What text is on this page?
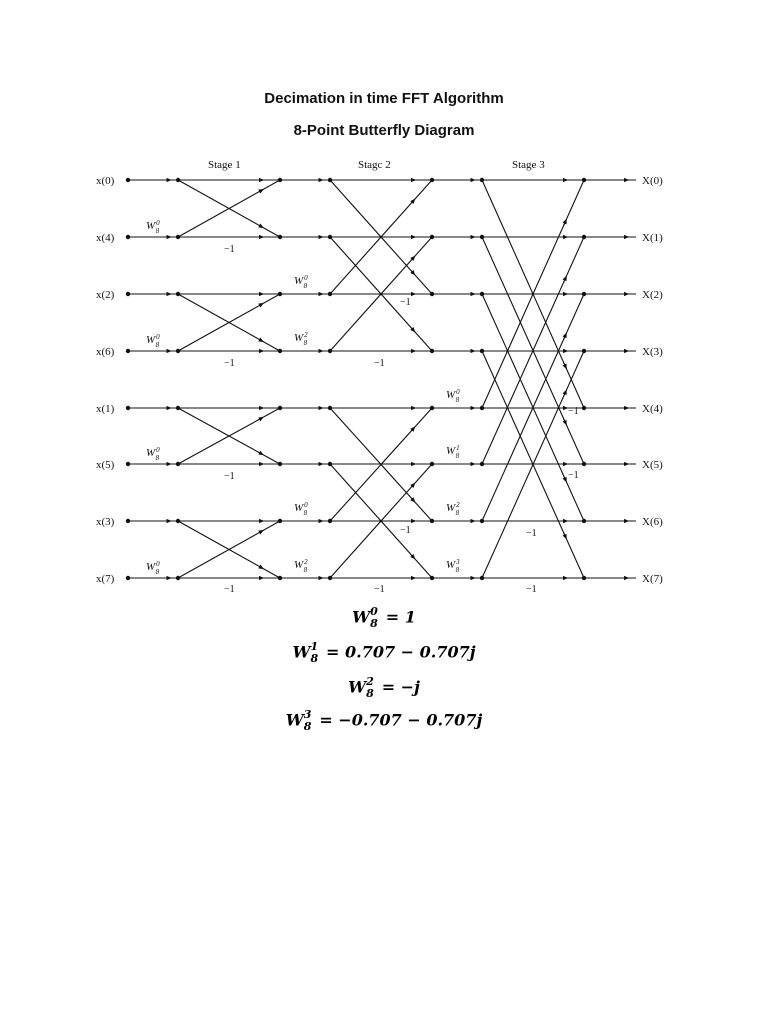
Decimation in time FFT Algorithm
8-Point Butterfly Diagram
x(0)
x(4)
x(2)
x(6)
x(1)
x(5)
x(3)
x(7)
X(0)
X(1)
X(2)
X(3)
X(4)
X(5)
X(6)
X(7)
Stage 1	Stagc 2	Stage 3
$W^0$ 8
$W^0$ 8
$W^0$ 8
$W^0$ 8
$W^0$ 8
$W^2$ 8
$W^0$ 8
$W^2$ 8
$W^0$ 8
$W^1$ 8
$W^2$ 8
$W^3$ 8
−1
−1
−1
−1
−1
−1
−1
−1
−1
−1
−1
−1
W 0
8 = 1
W 1
8 = 0.707 − 0.707j
W 2
8 = −j
W 3
8 = −0.707 − 0.707j
